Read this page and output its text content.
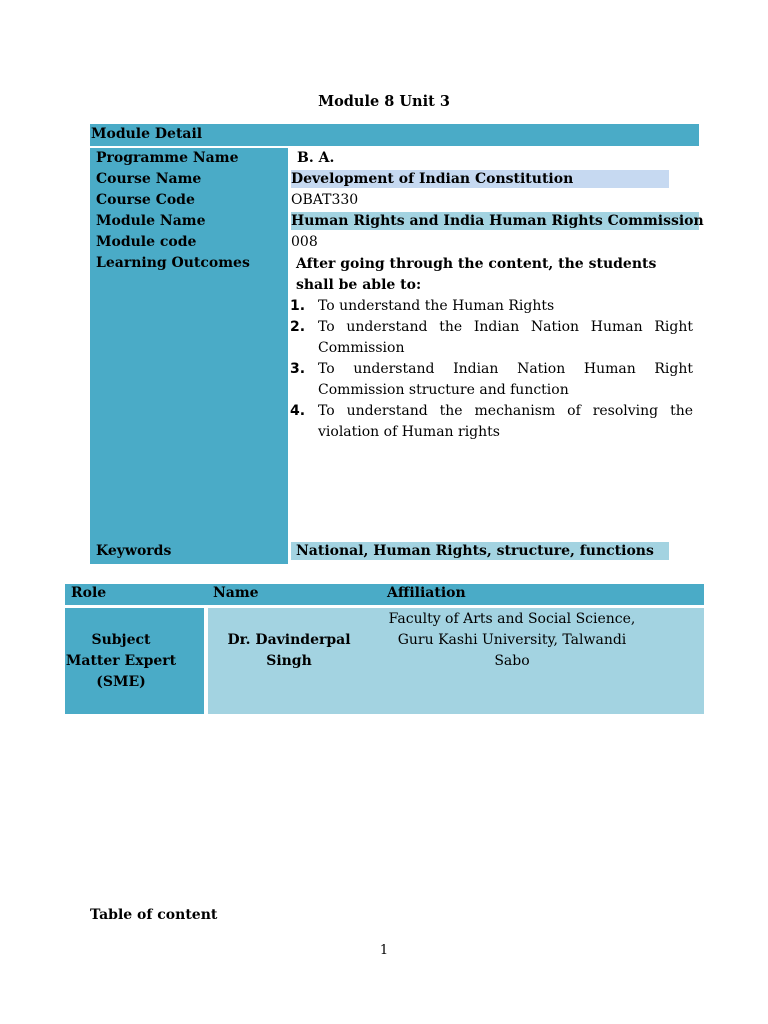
Module 8 Unit 3
Module Detail
Programme Name
Course Name
Course Code
Module Name
Module code
Learning Outcomes
Keywords
B. A.
Development of Indian Constitution
OBAT330
Human Rights and India Human Rights Commission
008
After going through the content, the students shall be able to:
1. To understand the Human Rights
2. To understand the Indian Nation Human Right Commission
3. To understand Indian Nation Human Right Commission structure and function
4. To understand the mechanism of resolving the violation of Human rights
National, Human Rights, structure, functions
Role	Name	Affiliation
Subject Matter Expert (SME)
Dr. Davinderpal Singh
Faculty of Arts and Social Science, Guru Kashi University, Talwandi Sabo
Table of content
1
